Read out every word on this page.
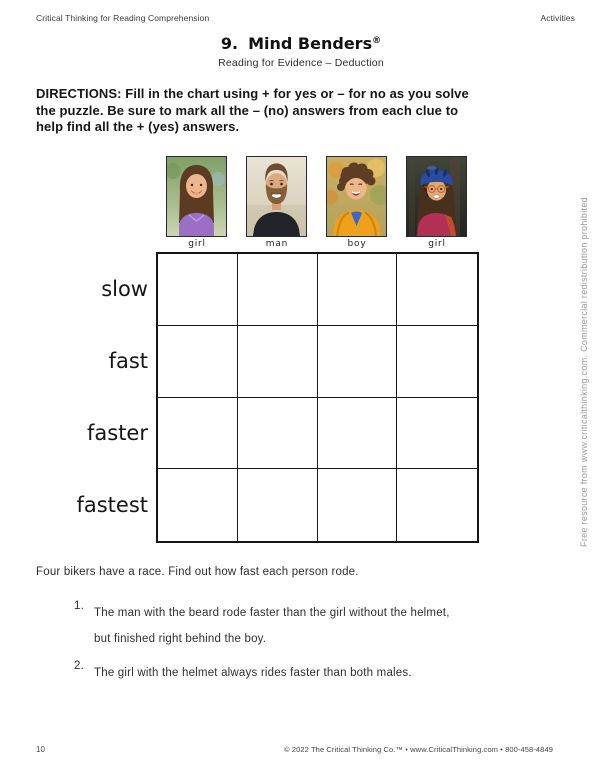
Critical Thinking for Reading Comprehension	Activities
9. Mind Benders®
Reading for Evidence – Deduction
DIRECTIONS: Fill in the chart using + for yes or – for no as you solve
the puzzle. Be sure to mark all the – (no) answers from each clue to
help find all the + (yes) answers.
girl	man	boy	girl
slow
fast
faster
fastest
Four bikers have a race. Find out how fast each person rode.
1.
The man with the beard rode faster than the girl without the helmet,
but finished right behind the boy.
2.
The girl with the helmet always rides faster than both males.
Free resource from www.criticalthinking.com. Commercial redistribution prohibited
10	© 2022 The Critical Thinking Co.™ • www.CriticalThinking.com • 800-458-4849
